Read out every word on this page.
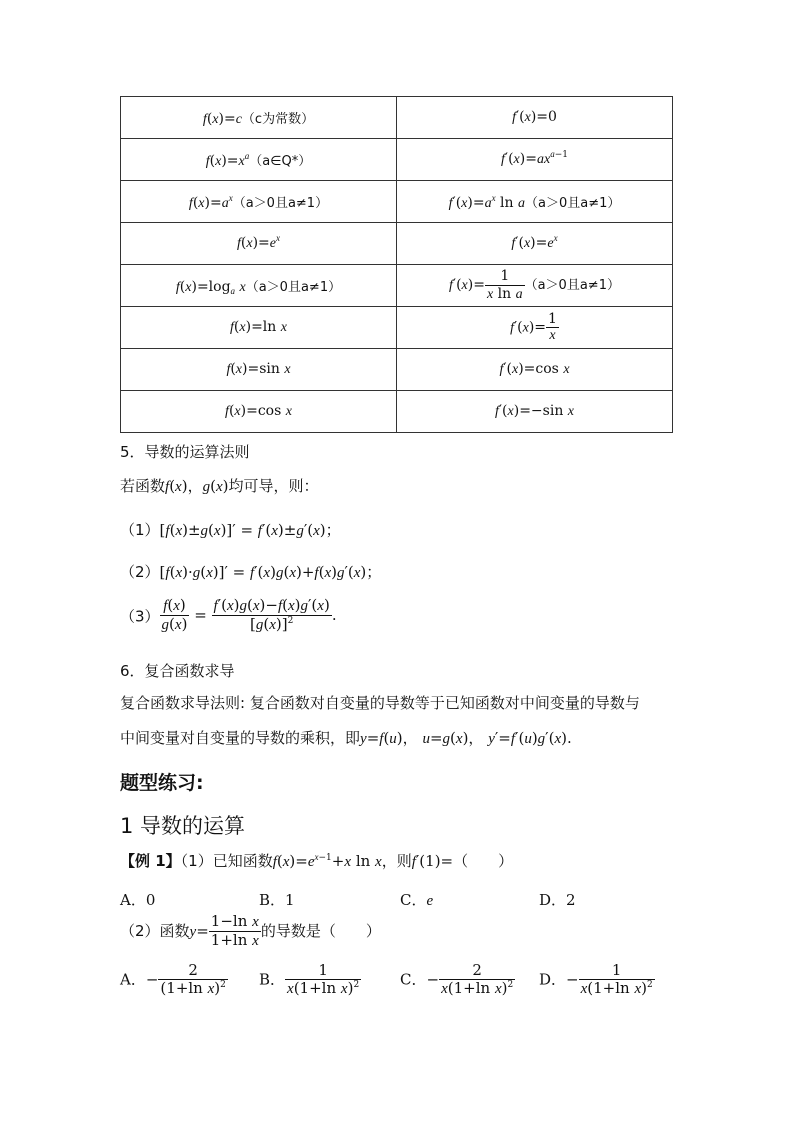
f(x)=c（c为常数）	f′(x)=0
$f(x)=x^a(a\in Q*)$	$f'(x)=ax^{a-1}$
$f(x)=a^x(a>0$且a≠1）	$f'(x)=a^x$ ln a（a＞0且a≠1）
$f(x)=e^x$	$f'(x)=e^x$
$f(x)=\log_a$ x（a＞0且a≠1）	$f'(x)= \frac{1}{\text{x ln a}} (a>0$且a≠1）
f(x)=ln x	$f'(x)= \frac{1}{x}$

f(x)=sin x	f′(x)=cos x
f(x)=cos x	f′(x)=−sin x
5．导数的运算法则
若函数f(x)，g(x)均可导，则：
（1）[f(x)±g(x)]′ = f′(x)±g′(x)；
（2）[f(x)·g(x)]′ = f′(x)g(x)+f(x)g′(x)；
$(3) \frac{f(x)}{g(x)} = \frac{f'(x)g(x)-f(x)g'(x)}{[g(x)]^2}$ .
6．复合函数求导
复合函数求导法则: 复合函数对自变量的导数等于已知函数对中间变量的导数与
中间变量对自变量的导数的乘积，即y=f(u)， u=g(x)， y′=f′(u)g′(x).
题型练习:
1 导数的运算
【例 1】（1）已知函数$f(x)=e^{x-1}+x$ ln x，则f′(1)=（　　）
A．0	B．1	C．e	D．2
（2）函数$y= \frac{\text{1−ln x}}{\text{1+ln x}}$ 的导数是（　　）
A．− $\frac{2}{(1+\ln x)^2}$ B． $\frac{1}{x(1+\ln x)^2}$	C．− $\frac{2}{x(1+\ln x)^2}$ D．− $\frac{1}{x(1+\ln x)^2}$
